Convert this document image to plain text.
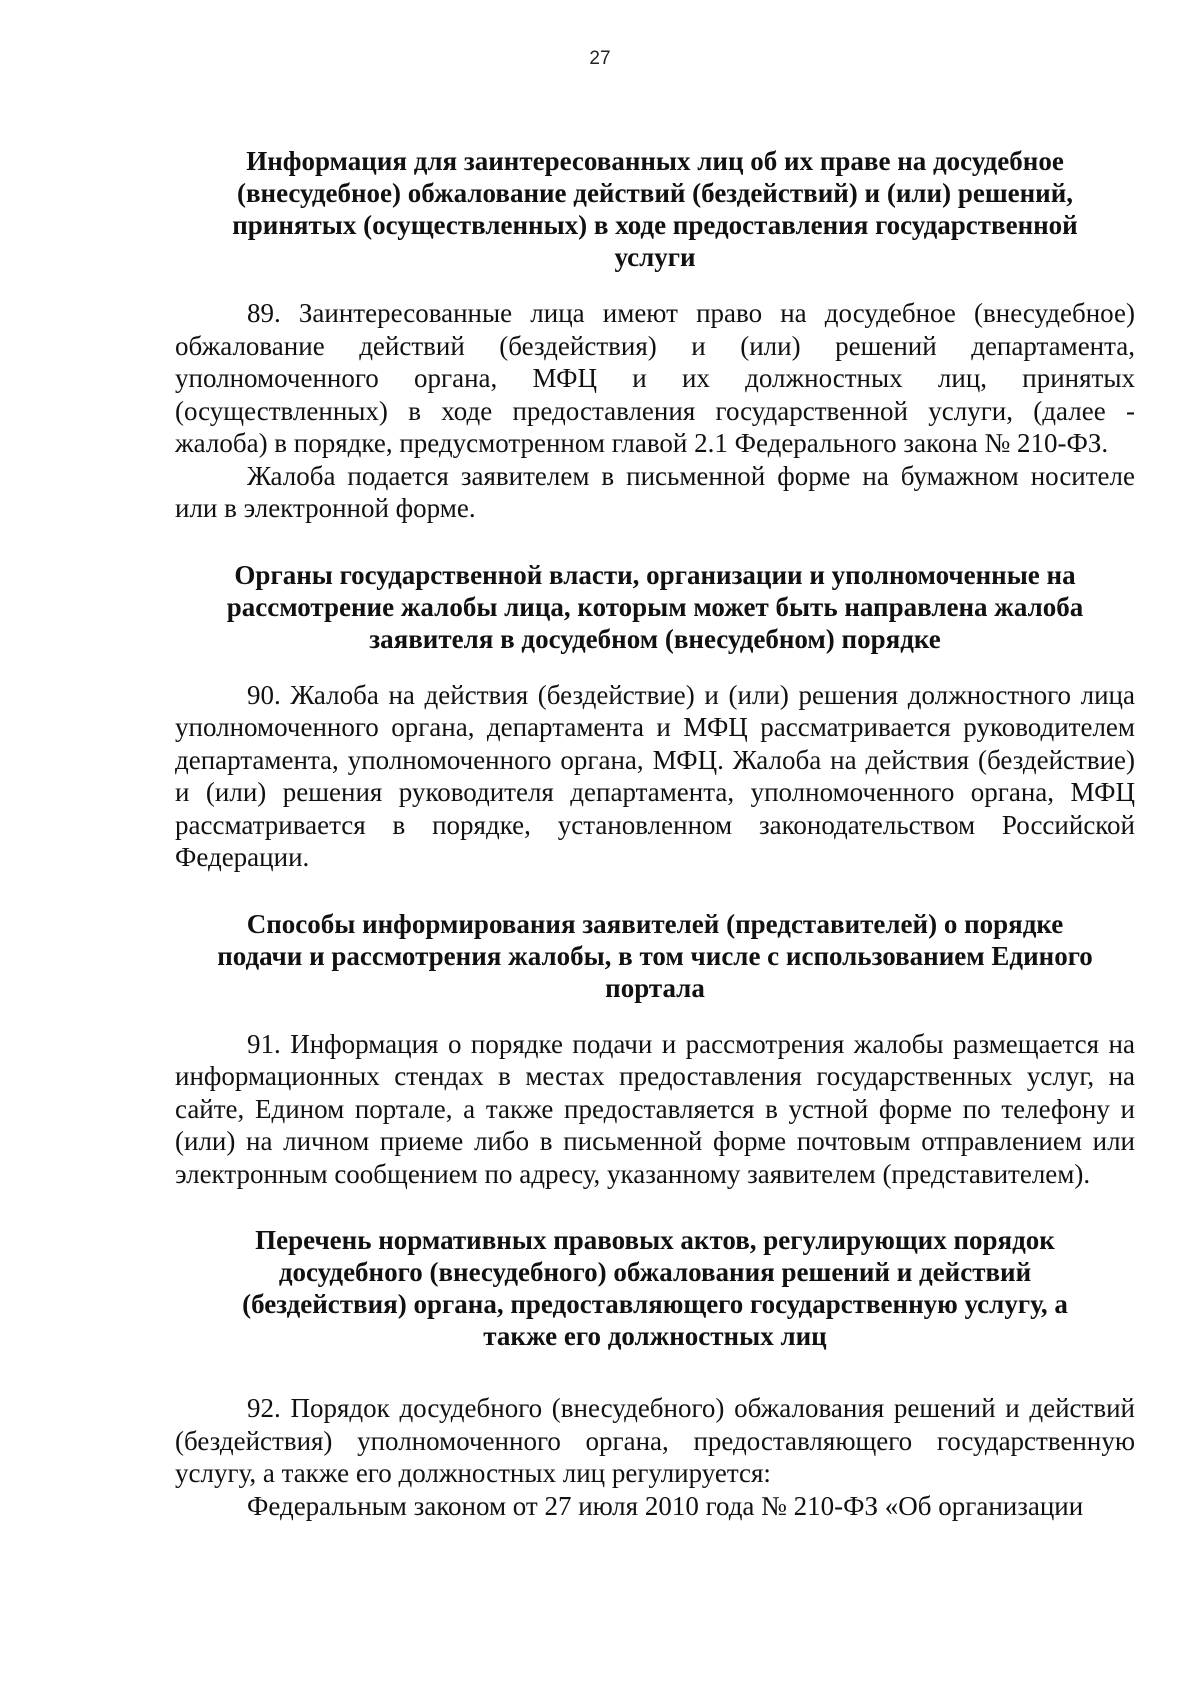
27

Информация для заинтересованных лиц об их праве на досудебное (внесудебное) обжалование действий (бездействий) и (или) решений, принятых (осуществленных) в ходе предоставления государственной услуги

89. Заинтересованные лица имеют право на досудебное (внесудебное) обжалование действий (бездействия) и (или) решений департамента, уполномоченного органа, МФЦ и их должностных лиц, принятых (осуществленных) в ходе предоставления государственной услуги, (далее - жалоба) в порядке, предусмотренном главой 2.1 Федерального закона № 210-ФЗ.

Жалоба подается заявителем в письменной форме на бумажном носителе или в электронной форме.

Органы государственной власти, организации и уполномоченные на рассмотрение жалобы лица, которым может быть направлена жалоба заявителя в досудебном (внесудебном) порядке

90. Жалоба на действия (бездействие) и (или) решения должностного лица уполномоченного органа, департамента и МФЦ рассматривается руководителем департамента, уполномоченного органа, МФЦ. Жалоба на действия (бездействие) и (или) решения руководителя департамента, уполномоченного органа, МФЦ рассматривается в порядке, установленном законодательством Российской Федерации.

Способы информирования заявителей (представителей) о порядке подачи и рассмотрения жалобы, в том числе с использованием Единого портала

91. Информация о порядке подачи и рассмотрения жалобы размещается на информационных стендах в местах предоставления государственных услуг, на сайте, Едином портале, а также предоставляется в устной форме по телефону и (или) на личном приеме либо в письменной форме почтовым отправлением или электронным сообщением по адресу, указанному заявителем (представителем).

Перечень нормативных правовых актов, регулирующих порядок досудебного (внесудебного) обжалования решений и действий (бездействия) органа, предоставляющего государственную услугу, а также его должностных лиц

92. Порядок досудебного (внесудебного) обжалования решений и действий (бездействия) уполномоченного органа, предоставляющего государственную услугу, а также его должностных лиц регулируется:

Федеральным законом от 27 июля 2010 года № 210-ФЗ «Об организации
